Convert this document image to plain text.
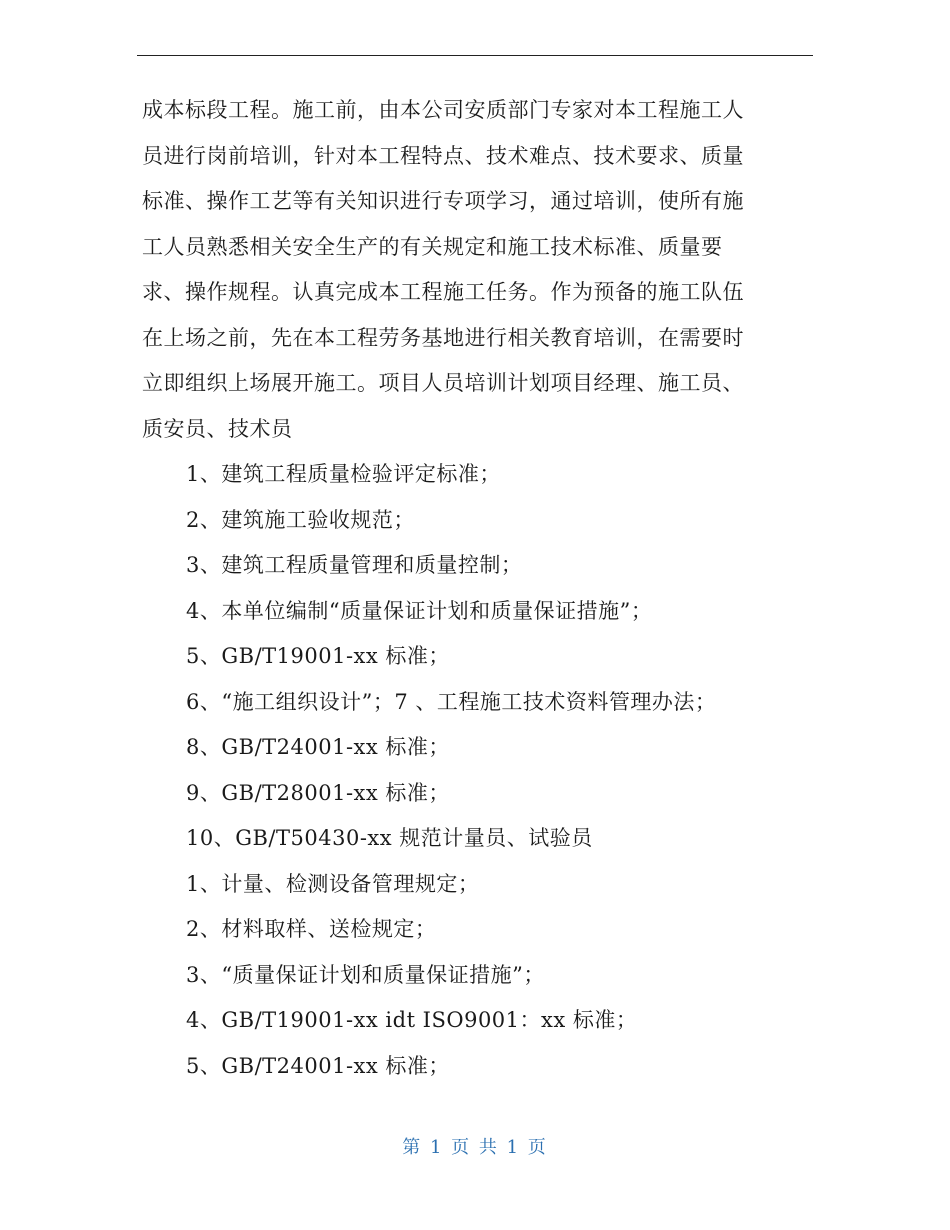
成本标段工程。施工前，由本公司安质部门专家对本工程施工人
员进行岗前培训，针对本工程特点、技术难点、技术要求、质量
标准、操作工艺等有关知识进行专项学习，通过培训，使所有施
工人员熟悉相关安全生产的有关规定和施工技术标准、质量要
求、操作规程。认真完成本工程施工任务。作为预备的施工队伍
在上场之前，先在本工程劳务基地进行相关教育培训，在需要时
立即组织上场展开施工。项目人员培训计划项目经理、施工员、
质安员、技术员
1、建筑工程质量检验评定标准；
2、建筑施工验收规范；
3、建筑工程质量管理和质量控制；
4、本单位编制“质量保证计划和质量保证措施”；
5、GB/T19001-xx 标准；
6、“施工组织设计”；7 、工程施工技术资料管理办法；
8、GB/T24001-xx 标准；
9、GB/T28001-xx 标准；
10、GB/T50430-xx 规范计量员、试验员
1、计量、检测设备管理规定；
2、材料取样、送检规定；
3、“质量保证计划和质量保证措施”；
4、GB/T19001-xx idt ISO9001：xx 标准；
5、GB/T24001-xx 标准；
第 1 页 共 1 页
